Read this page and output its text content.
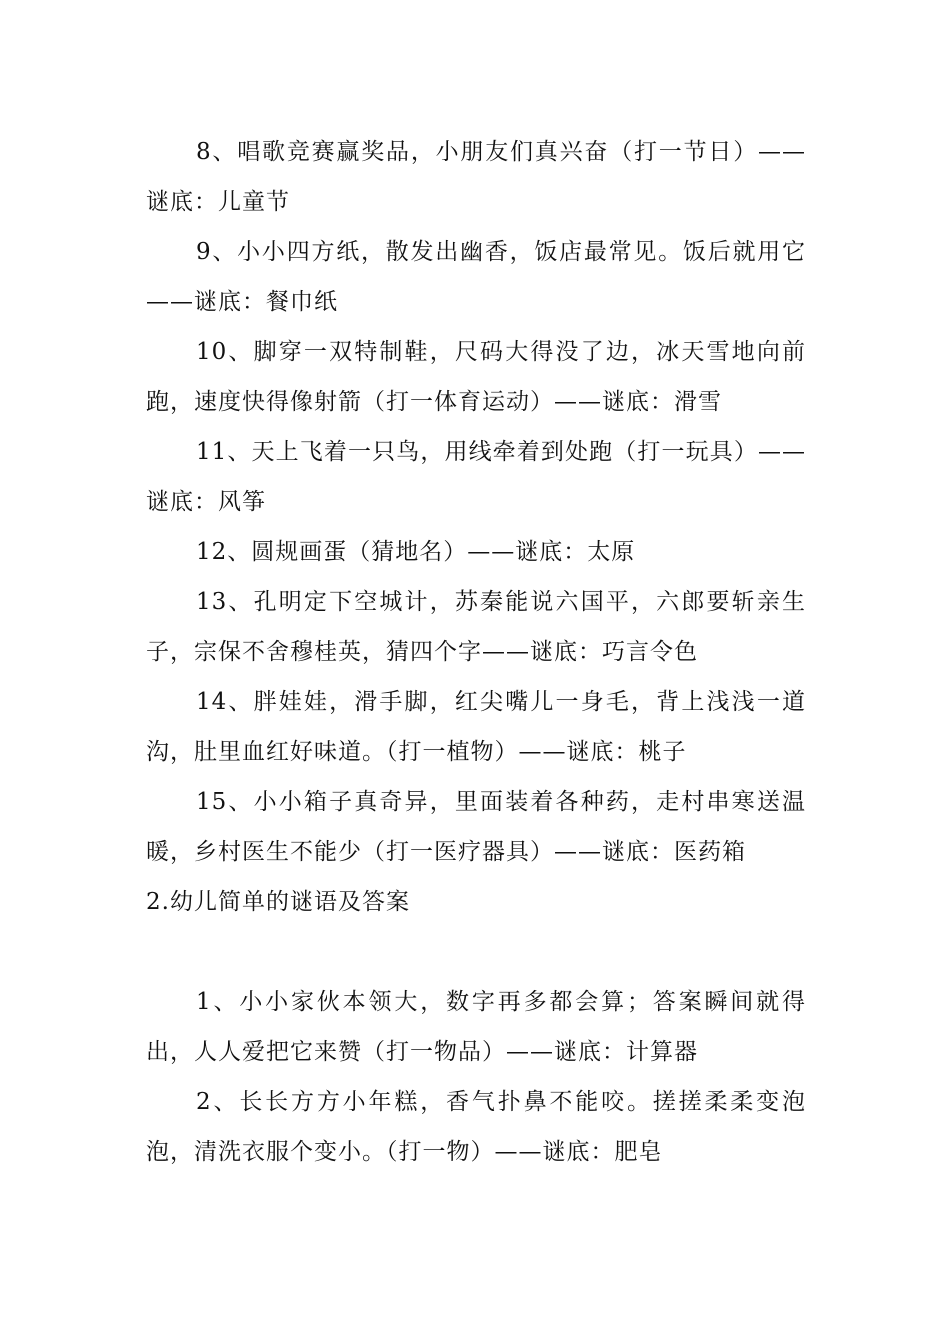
8、唱歌竞赛赢奖品，小朋友们真兴奋（打一节日）——谜底：儿童节

9、小小四方纸，散发出幽香，饭店最常见。饭后就用它——谜底：餐巾纸

10、脚穿一双特制鞋，尺码大得没了边，冰天雪地向前跑，速度快得像射箭（打一体育运动）——谜底：滑雪

11、天上飞着一只鸟，用线牵着到处跑（打一玩具）——谜底：风筝

12、圆规画蛋（猜地名）——谜底：太原

13、孔明定下空城计，苏秦能说六国平，六郎要斩亲生子，宗保不舍穆桂英，猜四个字——谜底：巧言令色

14、胖娃娃，滑手脚，红尖嘴儿一身毛，背上浅浅一道沟，肚里血红好味道。（打一植物）——谜底：桃子

15、小小箱子真奇异，里面装着各种药，走村串寒送温暖，乡村医生不能少（打一医疗器具）——谜底：医药箱

2.幼儿简单的谜语及答案

1、小小家伙本领大，数字再多都会算；答案瞬间就得出，人人爱把它来赞（打一物品）——谜底：计算器

2、长长方方小年糕，香气扑鼻不能咬。搓搓柔柔变泡泡，清洗衣服个变小。（打一物）——谜底：肥皂
